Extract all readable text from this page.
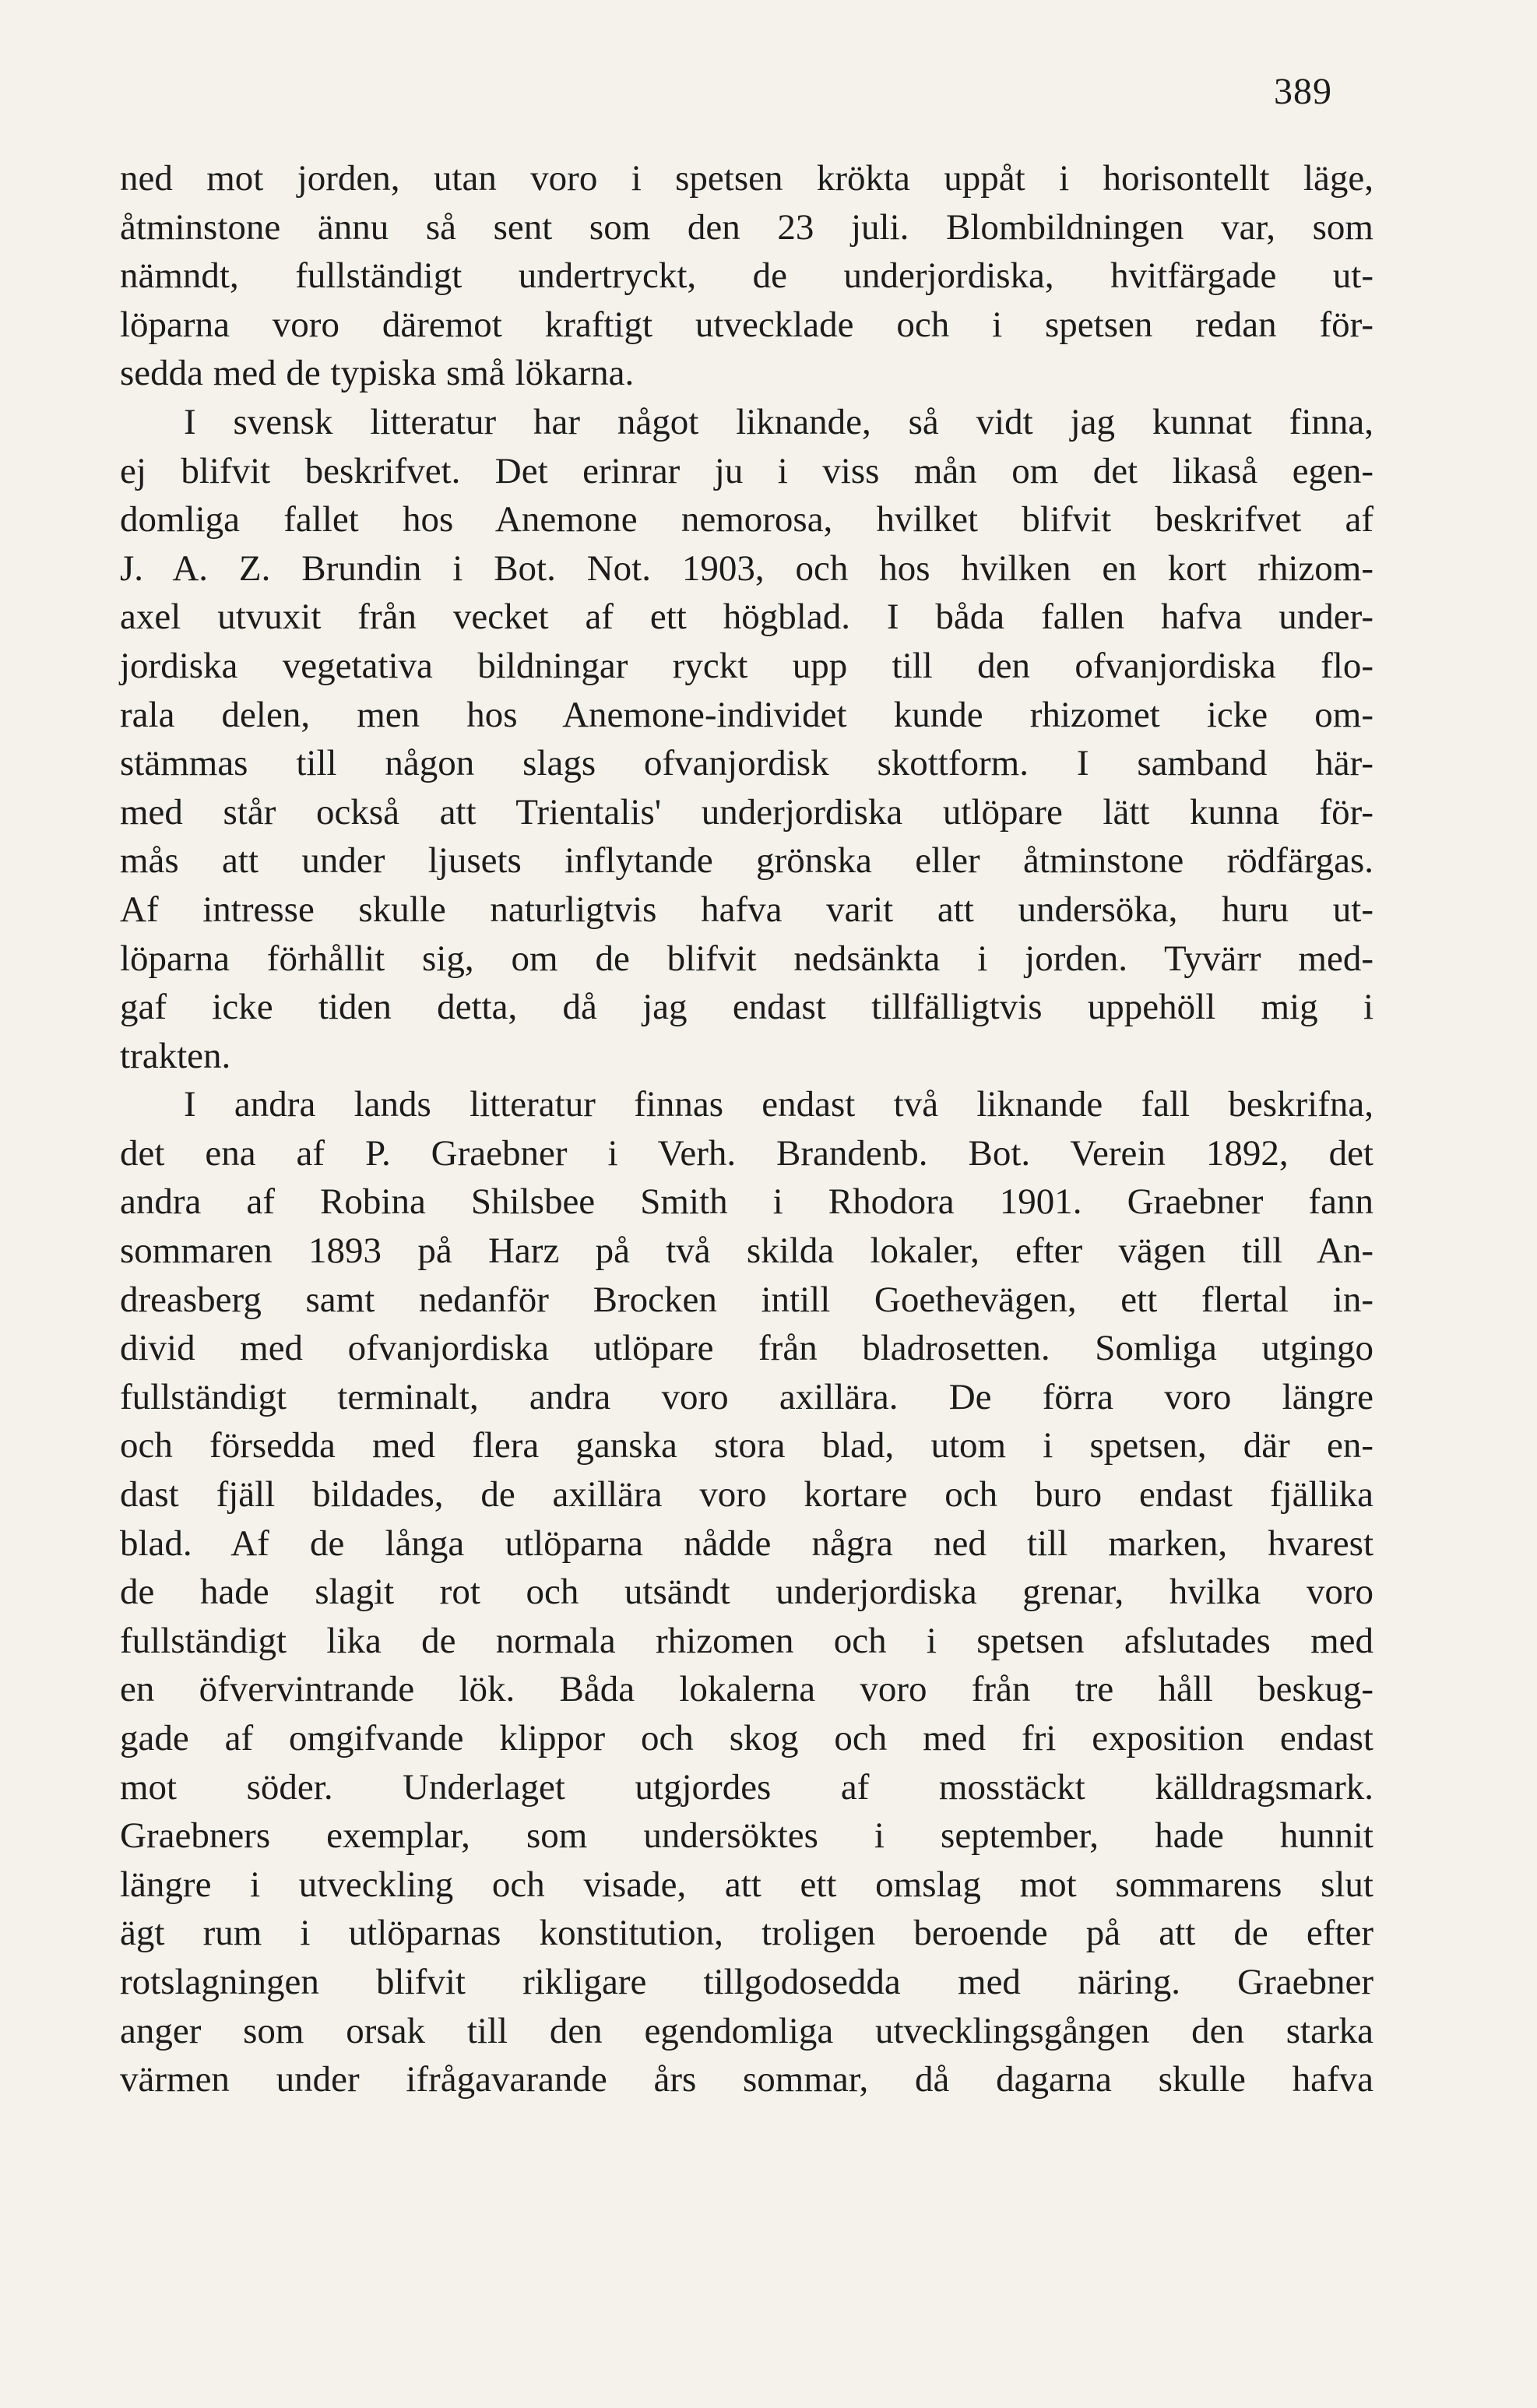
389
ned mot jorden, utan voro i spetsen krökta uppåt i horisontellt läge,
åtminstone ännu så sent som den 23 juli. Blombildningen var, som
nämndt, fullständigt undertryckt, de underjordiska, hvitfärgade ut-
löparna voro däremot kraftigt utvecklade och i spetsen redan för-
sedda med de typiska små lökarna.
I svensk litteratur har något liknande, så vidt jag kunnat finna,
ej blifvit beskrifvet. Det erinrar ju i viss mån om det likaså egen-
domliga fallet hos Anemone nemorosa, hvilket blifvit beskrifvet af
J. A. Z. Brundin i Bot. Not. 1903, och hos hvilken en kort rhizom-
axel utvuxit från vecket af ett högblad. I båda fallen hafva under-
jordiska vegetativa bildningar ryckt upp till den ofvanjordiska flo-
rala delen, men hos Anemone-individet kunde rhizomet icke om-
stämmas till någon slags ofvanjordisk skottform. I samband här-
med står också att Trientalis' underjordiska utlöpare lätt kunna för-
mås att under ljusets inflytande grönska eller åtminstone rödfärgas.
Af intresse skulle naturligtvis hafva varit att undersöka, huru ut-
löparna förhållit sig, om de blifvit nedsänkta i jorden. Tyvärr med-
gaf icke tiden detta, då jag endast tillfälligtvis uppehöll mig i
trakten.
I andra lands litteratur finnas endast två liknande fall beskrifna,
det ena af P. Graebner i Verh. Brandenb. Bot. Verein 1892, det
andra af Robina Shilsbee Smith i Rhodora 1901. Graebner fann
sommaren 1893 på Harz på två skilda lokaler, efter vägen till An-
dreasberg samt nedanför Brocken intill Goethevägen, ett flertal in-
divid med ofvanjordiska utlöpare från bladrosetten. Somliga utgingo
fullständigt terminalt, andra voro axillära. De förra voro längre
och försedda med flera ganska stora blad, utom i spetsen, där en-
dast fjäll bildades, de axillära voro kortare och buro endast fjällika
blad. Af de långa utlöparna nådde några ned till marken, hvarest
de hade slagit rot och utsändt underjordiska grenar, hvilka voro
fullständigt lika de normala rhizomen och i spetsen afslutades med
en öfvervintrande lök. Båda lokalerna voro från tre håll beskug-
gade af omgifvande klippor och skog och med fri exposition endast
mot söder. Underlaget utgjordes af mosstäckt källdragsmark.
Graebners exemplar, som undersöktes i september, hade hunnit
längre i utveckling och visade, att ett omslag mot sommarens slut
ägt rum i utlöparnas konstitution, troligen beroende på att de efter
rotslagningen blifvit rikligare tillgodosedda med näring. Graebner
anger som orsak till den egendomliga utvecklingsgången den starka
värmen under ifrågavarande års sommar, då dagarna skulle hafva
